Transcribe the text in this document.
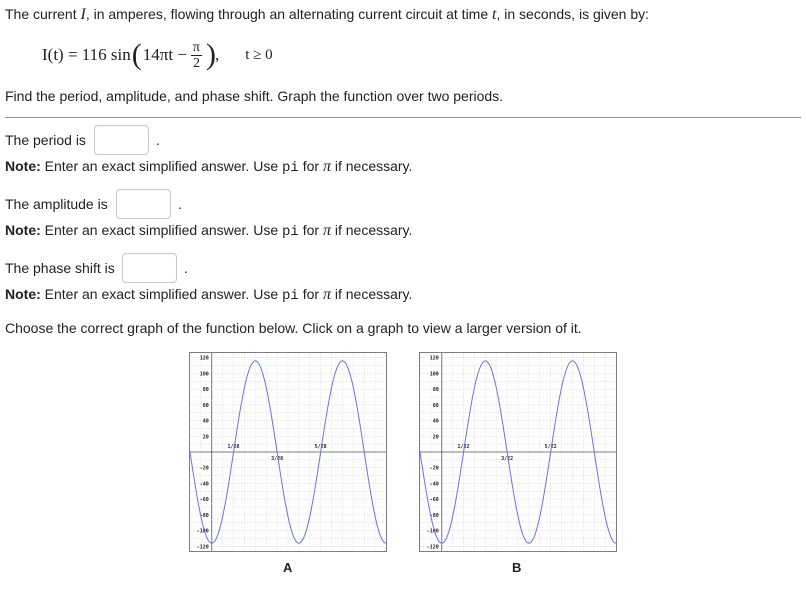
The current I, in amperes, flowing through an alternating current circuit at time t, in seconds, is given by:
I(t) = 116 sin ( $14\pi t - \frac{\pi}{2}$ ) , t ≥ 0
Find the period, amplitude, and phase shift. Graph the function over two periods.
The period is	.
Note: Enter an exact simplified answer. Use pi for π if necessary.
The amplitude is	.
Note: Enter an exact simplified answer. Use pi for π if necessary.
The phase shift is	.
Note: Enter an exact simplified answer. Use pi for π if necessary.
Choose the correct graph of the function below. Click on a graph to view a larger version of it.
120
100
80
60
40
20
-20
-40
-60
-80
-100
-120
1/28
3/28
5/28
A
120
100
80
60
40
20
-20
-40
-60
-80
-100
-120
1/22
3/22
5/22
B
